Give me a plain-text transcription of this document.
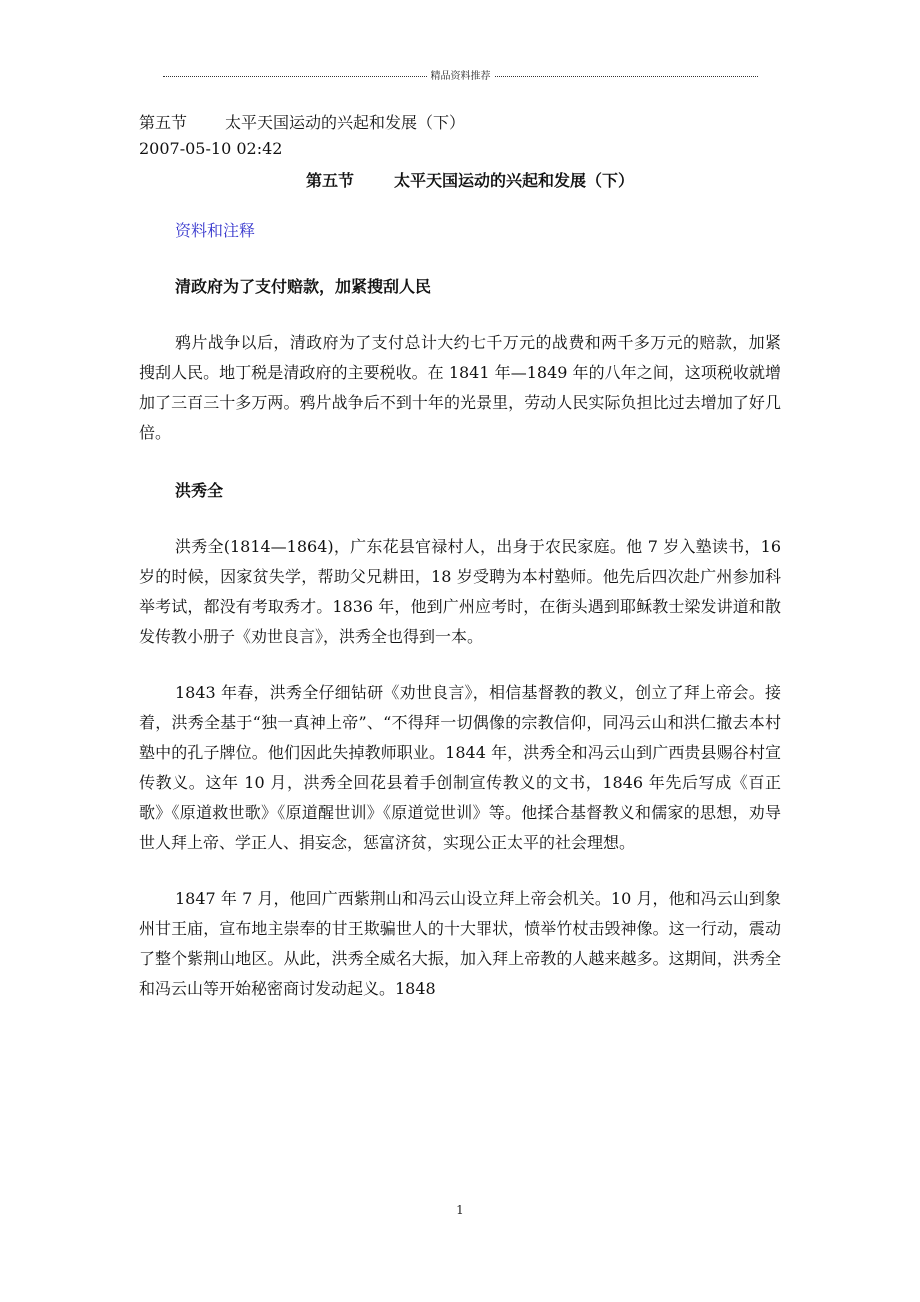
精品资料推荐
第五节 太平天国运动的兴起和发展（下）
2007-05-10 02:42
第五节	太平天国运动的兴起和发展（下）
资料和注释
清政府为了支付赔款，加紧搜刮人民
鸦片战争以后，清政府为了支付总计大约七千万元的战费和两千多万元的赔款，加紧搜刮人民。地丁税是清政府的主要税收。在 1841 年—1849 年的八年之间，这项税收就增加了三百三十多万两。鸦片战争后不到十年的光景里，劳动人民实际负担比过去增加了好几倍。
洪秀全
洪秀全(1814—1864)，广东花县官禄村人，出身于农民家庭。他 7 岁入塾读书，16 岁的时候，因家贫失学，帮助父兄耕田，18 岁受聘为本村塾师。他先后四次赴广州参加科举考试，都没有考取秀才。1836 年，他到广州应考时，在街头遇到耶稣教士梁发讲道和散发传教小册子《劝世良言》，洪秀全也得到一本。
1843 年春，洪秀全仔细钻研《劝世良言》，相信基督教的教义，创立了拜上帝会。接着，洪秀全基于“独一真神上帝”、“不得拜一切偶像的宗教信仰，同冯云山和洪仁撤去本村塾中的孔子牌位。他们因此失掉教师职业。1844 年，洪秀全和冯云山到广西贵县赐谷村宣传教义。这年 10 月，洪秀全回花县着手创制宣传教义的文书，1846 年先后写成《百正歌》《原道救世歌》《原道醒世训》《原道觉世训》等。他揉合基督教义和儒家的思想，劝导世人拜上帝、学正人、捐妄念，惩富济贫，实现公正太平的社会理想。
1847 年 7 月，他回广西紫荆山和冯云山设立拜上帝会机关。10 月，他和冯云山到象州甘王庙，宣布地主崇奉的甘王欺骗世人的十大罪状，愤举竹杖击毁神像。这一行动，震动了整个紫荆山地区。从此，洪秀全威名大振，加入拜上帝教的人越来越多。这期间，洪秀全和冯云山等开始秘密商讨发动起义。1848
1
